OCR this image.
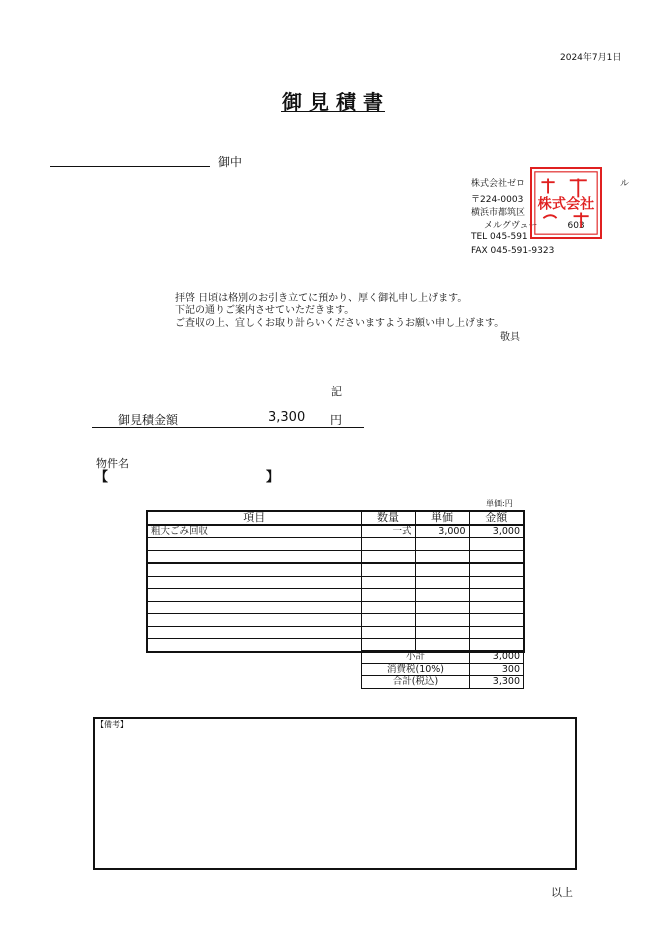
2024年7月1日
御見積書
御中
株式会社ゼロ	ル
〒224-0003
横浜市都筑区
メルグヴュー	603
TEL 045-591
FAX 045-591-9323
株式会社
拝啓 日頃は格別のお引き立てに預かり、厚く御礼申し上げます。
下記の通りご案内させていただきます。
ご査収の上、宜しくお取り計らいくださいますようお願い申し上げます。
敬具
記
御見積金額	3,300 円
物件名
【	】
単価:円
項目	数量	単価	金額
粗大ごみ回収	一式	3,000	3,000

小計	3,000
消費税(10%)	300
合計(税込)	3,300
【備考】
以上
